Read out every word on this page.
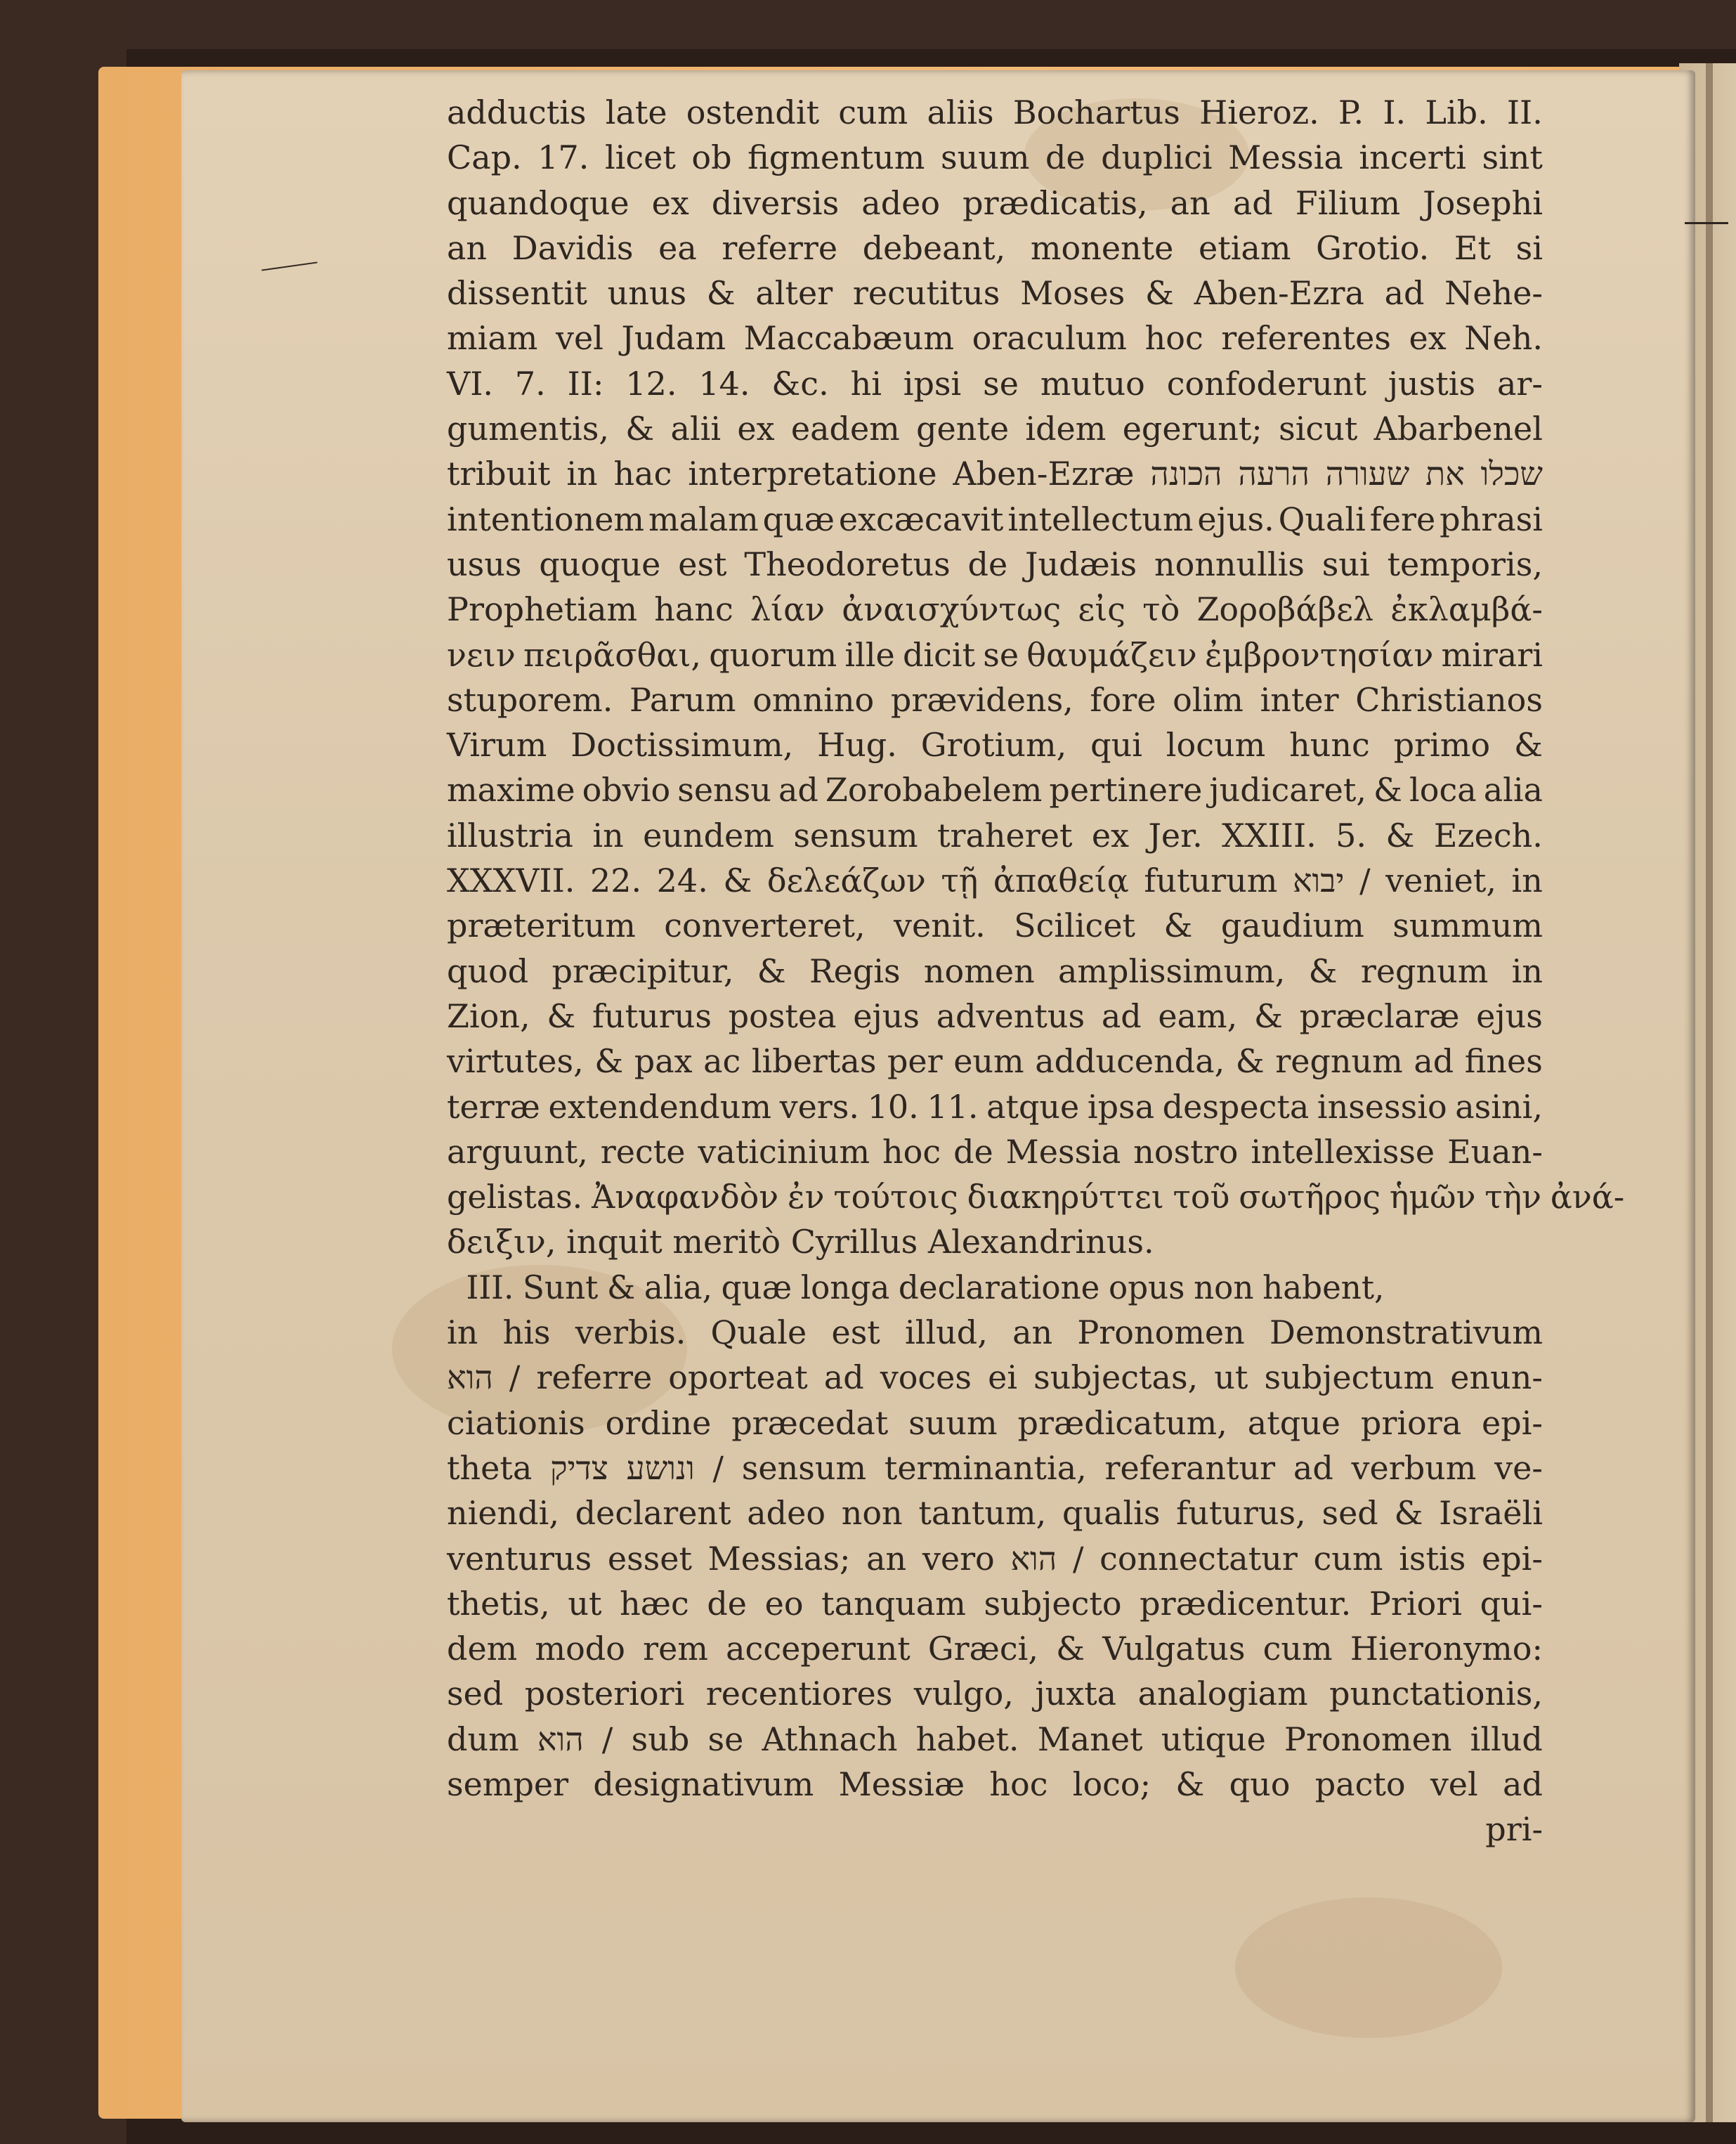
adductis late ostendit cum aliis Bochartus Hieroz. P. I. Lib. II.
Cap. 17. licet ob figmentum suum de duplici Messia incerti sint
quandoque ex diversis adeo prædicatis, an ad Filium Josephi
an Davidis ea referre debeant, monente etiam Grotio. Et si
dissentit unus & alter recutitus Moses & Aben-Ezra ad Nehe-
miam vel Judam Maccabæum oraculum hoc referentes ex Neh.
VI. 7. II: 12. 14. &c. hi ipsi se mutuo confoderunt justis ar-
gumentis, & alii ex eadem gente idem egerunt; sicut Abarbenel
tribuit in hac interpretatione Aben-Ezræ הכונה הרעה שעורה את שכלו
intentionem malam quæ excæcavit intellectum ejus. Quali fere phrasi
usus quoque est Theodoretus de Judæis nonnullis sui temporis,
Prophetiam hanc λίαν ἀναισχύντως εἰς τὸ Ζοροβάβελ ἐκλαμβά-
νειν πειρᾶσθαι, quorum ille dicit se θαυμάζειν ἐμβροντησίαν mirari
stuporem. Parum omnino prævidens, fore olim inter Christianos
Virum Doctissimum, Hug. Grotium, qui locum hunc primo &
maxime obvio sensu ad Zorobabelem pertinere judicaret, & loca alia
illustria in eundem sensum traheret ex Jer. XXIII. 5. & Ezech.
XXXVII. 22. 24. & δελεάζων τῇ ἀπαθείᾳ futurum יבוא / veniet, in
præteritum converteret, venit. Scilicet & gaudium summum
quod præcipitur, & Regis nomen amplissimum, & regnum in
Zion, & futurus postea ejus adventus ad eam, & præclaræ ejus
virtutes, & pax ac libertas per eum adducenda, & regnum ad fines
terræ extendendum vers. 10. 11. atque ipsa despecta insessio asini,
arguunt, recte vaticinium hoc de Messia nostro intellexisse Euan-
gelistas. Ἀναφανδὸν ἐν τούτοις διακηρύττει τοῦ σωτῆρος ἡμῶν τὴν ἀνά-
δειξιν, inquit meritò Cyrillus Alexandrinus.
III. Sunt & alia, quæ longa declaratione opus non habent,
in his verbis. Quale est illud, an Pronomen Demonstrativum
הוא / referre oporteat ad voces ei subjectas, ut subjectum enun-
ciationis ordine præcedat suum prædicatum, atque priora epi-
theta צדיק ונושע / sensum terminantia, referantur ad verbum ve-
niendi, declarent adeo non tantum, qualis futurus, sed & Israëli
venturus esset Messias; an vero הוא / connectatur cum istis epi-
thetis, ut hæc de eo tanquam subjecto prædicentur. Priori qui-
dem modo rem acceperunt Græci, & Vulgatus cum Hieronymo:
sed posteriori recentiores vulgo, juxta analogiam punctationis,
dum הוא / sub se Athnach habet. Manet utique Pronomen illud
semper designativum Messiæ hoc loco; & quo pacto vel ad
pri-
